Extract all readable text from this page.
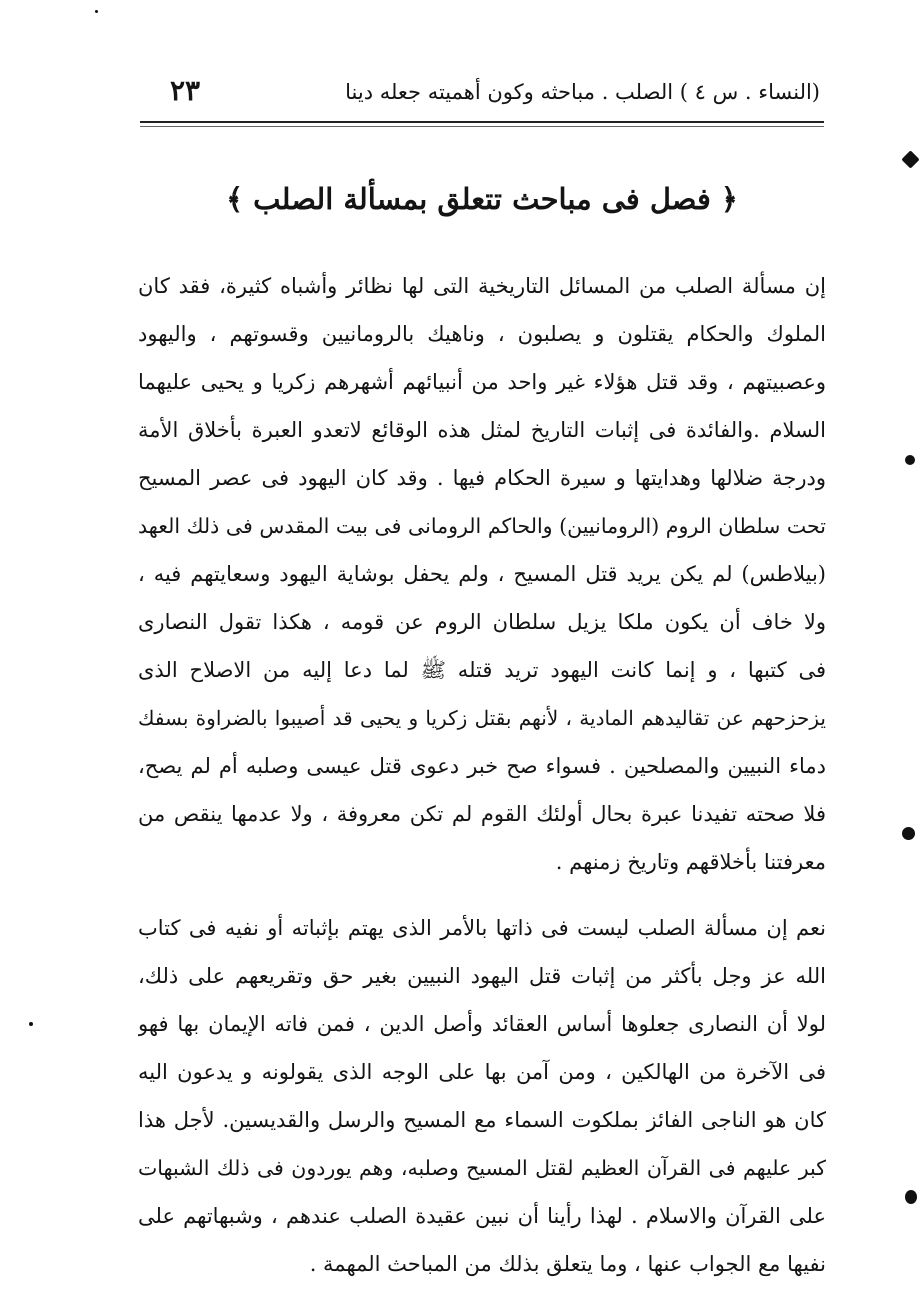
(النساء . س ٤ ) الصلب . مباحثه وكون أهميته جعله دينا
٢٣
﴿ فصل فى مباحث تتعلق بمسألة الصلب ﴾
إن مسألة الصلب من المسائل التاريخية التى لها نظائر وأشباه كثيرة، فقد كان
الملوك والحكام يقتلون و يصلبون ، وناهيك بالرومانيين وقسوتهم ، واليهود
وعصبيتهم ، وقد قتل هؤلاء غير واحد من أنبيائهم أشهرهم زكريا و يحيى عليهما
السلام .والفائدة فى إثبات التاريخ لمثل هذه الوقائع لاتعدو العبرة بأخلاق الأمة
ودرجة ضلالها وهدايتها و سيرة الحكام فيها . وقد كان اليهود فى عصر المسيح
تحت سلطان الروم (الرومانيين) والحاكم الرومانى فى بيت المقدس فى ذلك العهد
(بيلاطس) لم يكن يريد قتل المسيح ، ولم يحفل بوشاية اليهود وسعايتهم فيه ،
ولا خاف أن يكون ملكا يزيل سلطان الروم عن قومه ، هكذا تقول النصارى
فى كتبها ، و إنما كانت اليهود تريد قتله ﷺ لما دعا إليه من الاصلاح الذى
يزحزحهم عن تقاليدهم المادية ، لأنهم بقتل زكريا و يحيى قد أصيبوا بالضراوة بسفك
دماء النبيين والمصلحين . فسواء صح خبر دعوى قتل عيسى وصلبه أم لم يصح،
فلا صحته تفيدنا عبرة بحال أولئك القوم لم تكن معروفة ، ولا عدمها ينقص من
معرفتنا بأخلاقهم وتاريخ زمنهم .
نعم إن مسألة الصلب ليست فى ذاتها بالأمر الذى يهتم بإثباته أو نفيه فى كتاب
الله عز وجل بأكثر من إثبات قتل اليهود النبيين بغير حق وتقريعهم على ذلك،
لولا أن النصارى جعلوها أساس العقائد وأصل الدين ، فمن فاته الإيمان بها فهو
فى الآخرة من الهالكين ، ومن آمن بها على الوجه الذى يقولونه و يدعون اليه
كان هو الناجى الفائز بملكوت السماء مع المسيح والرسل والقديسين. لأجل هذا
كبر عليهم فى القرآن العظيم لقتل المسيح وصلبه، وهم يوردون فى ذلك الشبهات
على القرآن والاسلام . لهذا رأينا أن نبين عقيدة الصلب عندهم ، وشبهاتهم على
نفيها مع الجواب عنها ، وما يتعلق بذلك من المباحث المهمة .
